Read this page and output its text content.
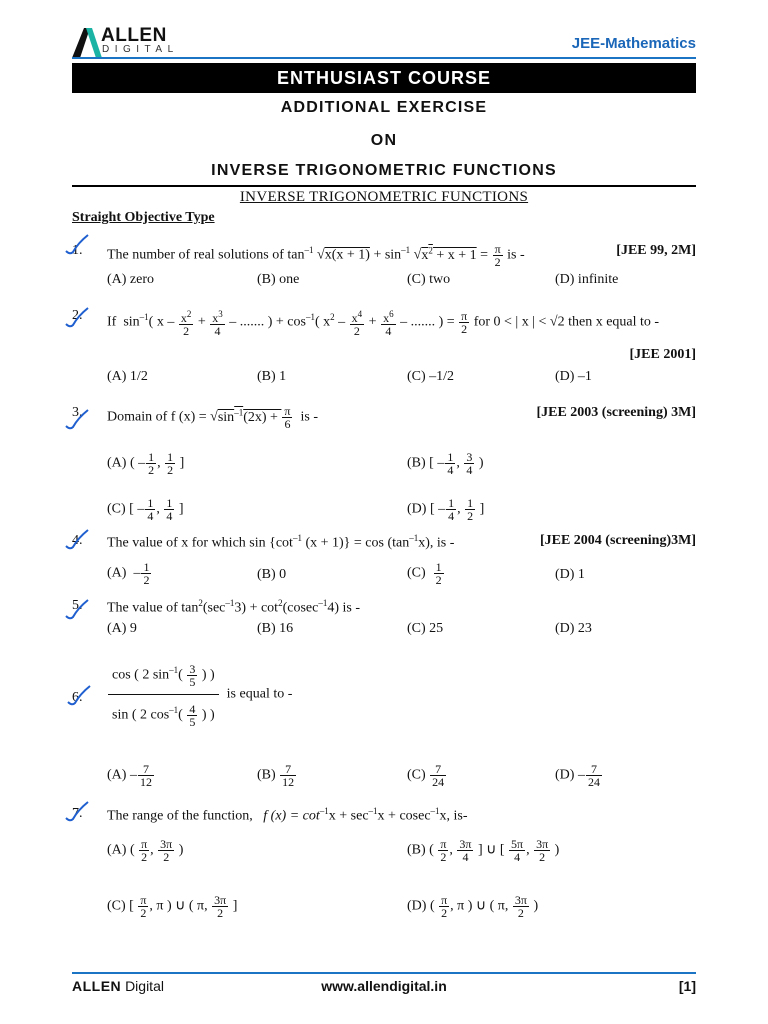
ALLEN
DIGITAL	JEE-Mathematics
ENTHUSIAST COURSE
ADDITIONAL EXERCISE
ON
INVERSE TRIGONOMETRIC FUNCTIONS
INVERSE TRIGONOMETRIC FUNCTIONS
Straight Objective Type
1.	The number of real solutions of $\tan^{-1} √x(x + 1) + \sin^{-1} √x^2 + x + 1 = \frac{\pi}{2}$ is -	[JEE 99, 2M]
(A) zero	(B) one	(C) two	(D) infinite
2.	If  $\sin^{-1}$( $x - \frac{x^2}{2} + \frac{x^3}{4}$ – ....... ) + $\cos^{-1}$( $x^2 - \frac{x^4}{2} + \frac{x^6}{4}$ – ....... ) = $\frac{\pi}{2}$ for 0 < | x | < √2 then x equal to -
[JEE 2001]
(A) 1/2	(B) 1	(C) –1/2	(D) –1
3.	Domain of f $(x) = √\sin^{-1}(2x) + \frac{\pi}{6}$ is -	[JEE 2003 (screening) 3M]
(A) ( – $\frac{1}{2}$ , $\frac{1}{2}$ ]	(B) [ – $\frac{1}{4}$ , $\frac{3}{4}$ )
(C) [ – $\frac{1}{4}$ , $\frac{1}{4}$ ]	(D) [ – $\frac{1}{4}$ , $\frac{1}{2}$ ]
4.	The value of x for which $\sin \{\cot^{-1}$ $(x + 1)\} = \cos (\tan^{-1}x)$, is -	[JEE 2004 (screening)3M]
$(A) - \frac{1}{2}$	(B) 0	$(C) \frac{1}{2}$	(D) 1
5.	The value of $\tan^2(\sec^{-1}3) + \cot^2(cosec^{-1}4)$ is -
(A) 9	(B) 16	(C) 25	(D) 23
6.	$\frac{\cos ( 2 \sin^{-1}( \frac{3}{5} ) )}{\sin ( 2 \cos^{-1}( \frac{4}{5} ) )}$ is equal to -
$(A) - \frac{7}{12}$	$(B) \frac{7}{12}$	$(C) \frac{7}{24}$	$(D) - \frac{7}{24}$
7.	The range of the function, f $(x) = \cot^{-1}x + \sec^{-1}x + cosec^{-1}x$, is-
(A) ( $\frac{\pi}{2}$ , $\frac{3\pi}{2}$ )	(B) ( $\frac{\pi}{2}$ , $\frac{3\pi}{4}$ ] ∪ [ $\frac{5\pi}{4}$ , $\frac{3\pi}{2}$ )
(C) [ $\frac{\pi}{2}$ , π ) ∪ ( π, $\frac{3\pi}{2}$ ]	(D) ( $\frac{\pi}{2}$ , π ) ∪ ( π, $\frac{3\pi}{2}$ )
ALLEN Digital	www.allendigital.in	[1]
